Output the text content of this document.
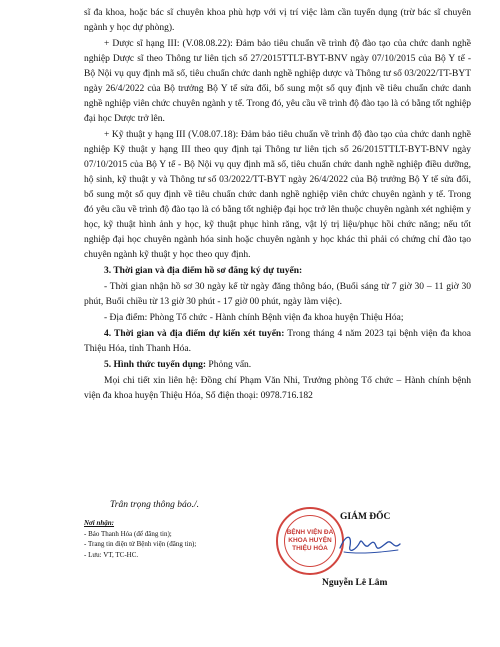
sĩ đa khoa, hoặc bác sĩ chuyên khoa phù hợp với vị trí việc làm cần tuyển dụng (trừ bác sĩ chuyên ngành y học dự phòng).

+ Dược sĩ hạng III: (V.08.08.22): Đảm bảo tiêu chuẩn về trình độ đào tạo của chức danh nghề nghiệp Dược sĩ theo Thông tư liên tịch số 27/2015TTLT-BYT-BNV ngày 07/10/2015 của Bộ Y tế - Bộ Nội vụ quy định mã số, tiêu chuẩn chức danh nghề nghiệp dược và Thông tư số 03/2022/TT-BYT ngày 26/4/2022 của Bộ trưởng Bộ Y tế sửa đổi, bổ sung một số quy định về tiêu chuẩn chức danh nghề nghiệp viên chức chuyên ngành y tế. Trong đó, yêu cầu về trình độ đào tạo là có bằng tốt nghiệp đại học Dược trở lên.

+ Kỹ thuật y hạng III (V.08.07.18): Đảm bảo tiêu chuẩn về trình độ đào tạo của chức danh nghề nghiệp Kỹ thuật y hạng III theo quy định tại Thông tư liên tịch số 26/2015TTLT-BYT-BNV ngày 07/10/2015 của Bộ Y tế - Bộ Nội vụ quy định mã số, tiêu chuẩn chức danh nghề nghiệp điều dưỡng, hộ sinh, kỹ thuật y và Thông tư số 03/2022/TT-BYT ngày 26/4/2022 của Bộ trưởng Bộ Y tế sửa đổi, bổ sung một số quy định về tiêu chuẩn chức danh nghề nghiệp viên chức chuyên ngành y tế. Trong đó yêu cầu về trình độ đào tạo là có bằng tốt nghiệp đại học trở lên thuộc chuyên ngành xét nghiệm y học, kỹ thuật hình ảnh y học, kỹ thuật phục hình răng, vật lý trị liệu/phục hồi chức năng; nếu tốt nghiệp đại học chuyên ngành hóa sinh hoặc chuyên ngành y học khác thì phải có chứng chỉ đào tạo chuyên ngành kỹ thuật y học theo quy định.

3. Thời gian và địa điểm hồ sơ đăng ký dự tuyển:

- Thời gian nhận hồ sơ 30 ngày kể từ ngày đăng thông báo, (Buổi sáng từ 7 giờ 30 – 11 giờ 30 phút, Buổi chiều từ 13 giờ 30 phút - 17 giờ 00 phút, ngày làm việc).

- Địa điểm: Phòng Tổ chức - Hành chính Bệnh viện đa khoa huyện Thiệu Hóa;

4. Thời gian và địa điểm dự kiến xét tuyển: Trong tháng 4 năm 2023 tại bệnh viện đa khoa Thiệu Hóa, tỉnh Thanh Hóa.

5. Hình thức tuyển dụng: Phỏng vấn.

Mọi chi tiết xin liên hệ: Đồng chí Phạm Văn Nhi, Trưởng phòng Tổ chức – Hành chính bệnh viện đa khoa huyện Thiệu Hóa, Số điện thoại: 0978.716.182

Trân trọng thông báo./.
Nơi nhận:
- Báo Thanh Hóa (để đăng tin);
- Trang tin điện tử Bệnh viện (đăng tin);
- Lưu: VT, TC-HC.
BỆNH VIỆN ĐA KHOA HUYỆN THIỆU HÓA
GIÁM ĐỐC
Nguyễn Lê Lâm
